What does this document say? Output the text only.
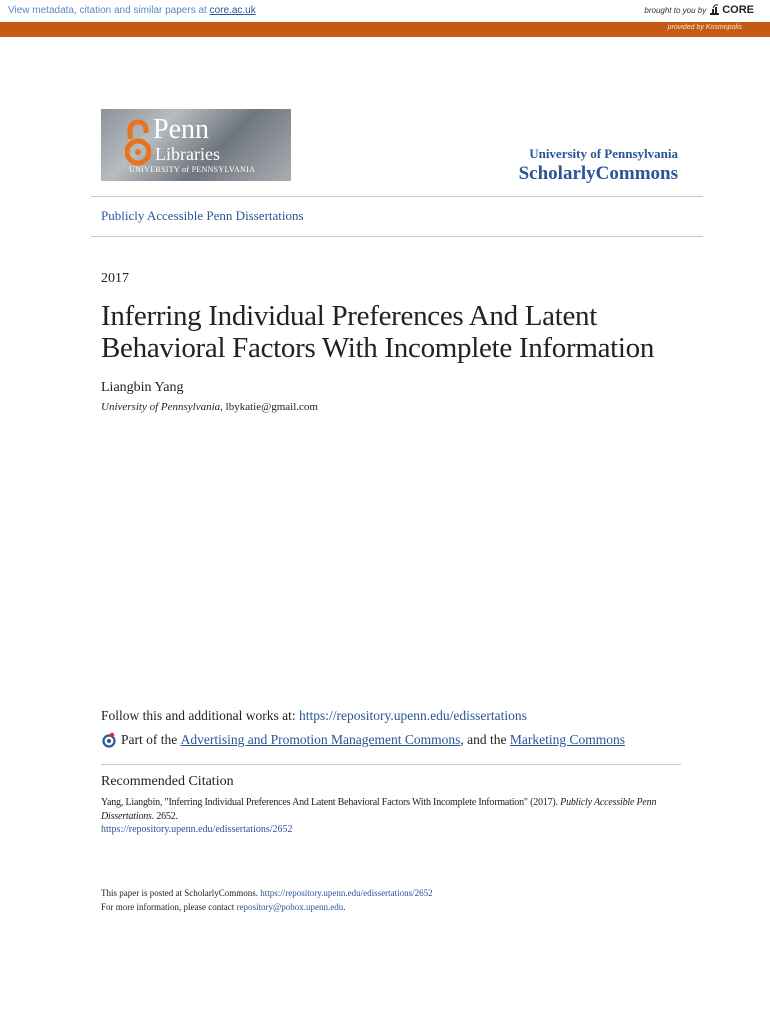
View metadata, citation and similar papers at core.ac.uk	brought to you by CORE
provided by Kosmopolis
Penn
Libraries
UNIVERSITY of PENNSYLVANIA
University of Pennsylvania
ScholarlyCommons
Publicly Accessible Penn Dissertations
2017
Inferring Individual Preferences And Latent Behavioral Factors With Incomplete Information
Liangbin Yang
University of Pennsylvania, lbykatie@gmail.com
Follow this and additional works at: https://repository.upenn.edu/edissertations
Part of the
Advertising and Promotion Management Commons , and the
Marketing Commons
Recommended Citation
Yang, Liangbin, "Inferring Individual Preferences And Latent Behavioral Factors With Incomplete Information" (2017). Publicly Accessible Penn Dissertations. 2652.
https://repository.upenn.edu/edissertations/2652
This paper is posted at ScholarlyCommons. https://repository.upenn.edu/edissertations/2652
For more information, please contact repository@pobox.upenn.edu.
